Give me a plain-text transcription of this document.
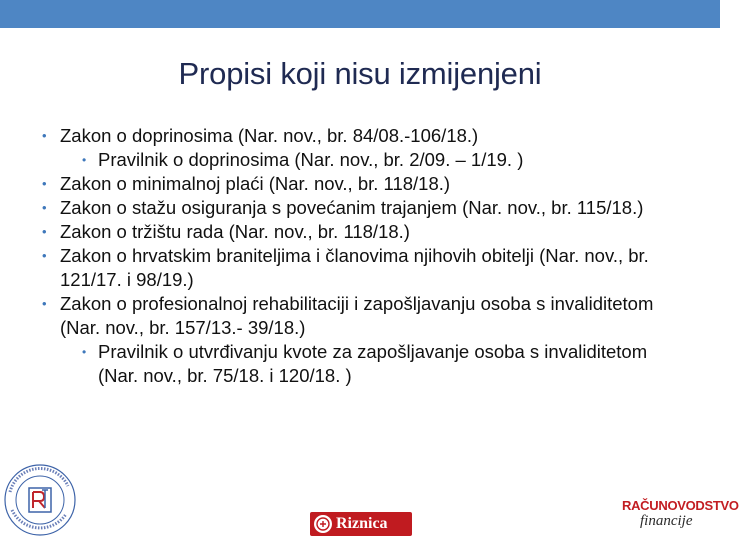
Propisi koji nisu izmijenjeni
• Zakon o doprinosima (Nar. nov., br. 84/08.-106/18.)
• Pravilnik o doprinosima (Nar. nov., br. 2/09. – 1/19. )
• Zakon o minimalnoj plaći (Nar. nov., br. 118/18.)
• Zakon o stažu osiguranja s povećanim trajanjem (Nar. nov., br. 115/18.)
• Zakon o tržištu rada (Nar. nov., br. 118/18.)
• Zakon o hrvatskim braniteljima i članovima njihovih obitelji (Nar. nov., br. 121/17. i 98/19.)
• Zakon o profesionalnoj rehabilitaciji i zapošljavanju osoba s invaliditetom (Nar. nov., br. 157/13.- 39/18.)
• Pravilnik o utvrđivanju kvote za zapošljavanje osoba s invaliditetom (Nar. nov., br. 75/18. i 120/18. )
Riznica
RAČUNOVODSTVO
financije
